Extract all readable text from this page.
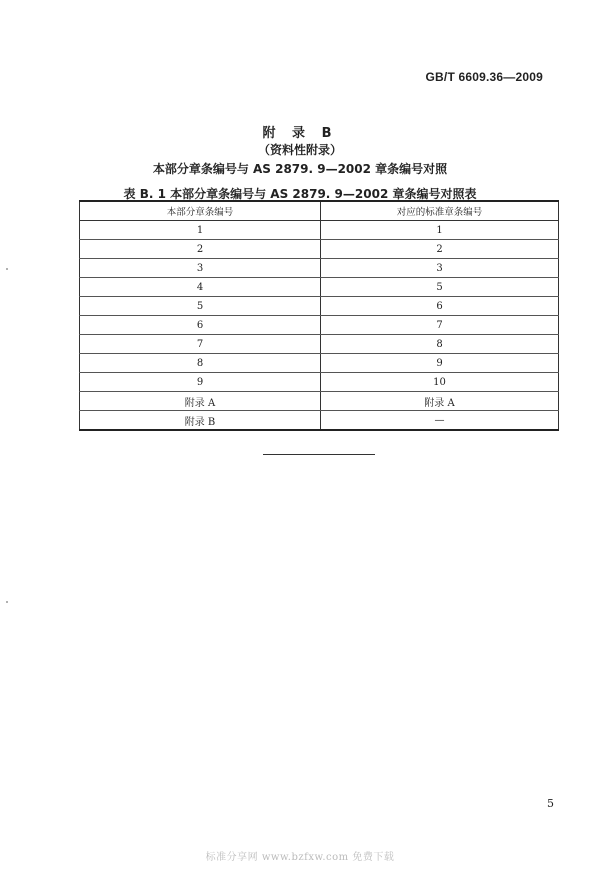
GB/T 6609.36—2009
附 录 B
（资料性附录）
本部分章条编号与 AS 2879. 9—2002 章条编号对照
表 B. 1 本部分章条编号与 AS 2879. 9—2002 章条编号对照表
本部分章条编号	对应的标准章条编号
1	1
2	2
3	3
4	5
5	6
6	7
7	8
8	9
9	10
附录 A	附录 A
附录 B	—
5
标准分享网 www.bzfxw.com 免费下载
